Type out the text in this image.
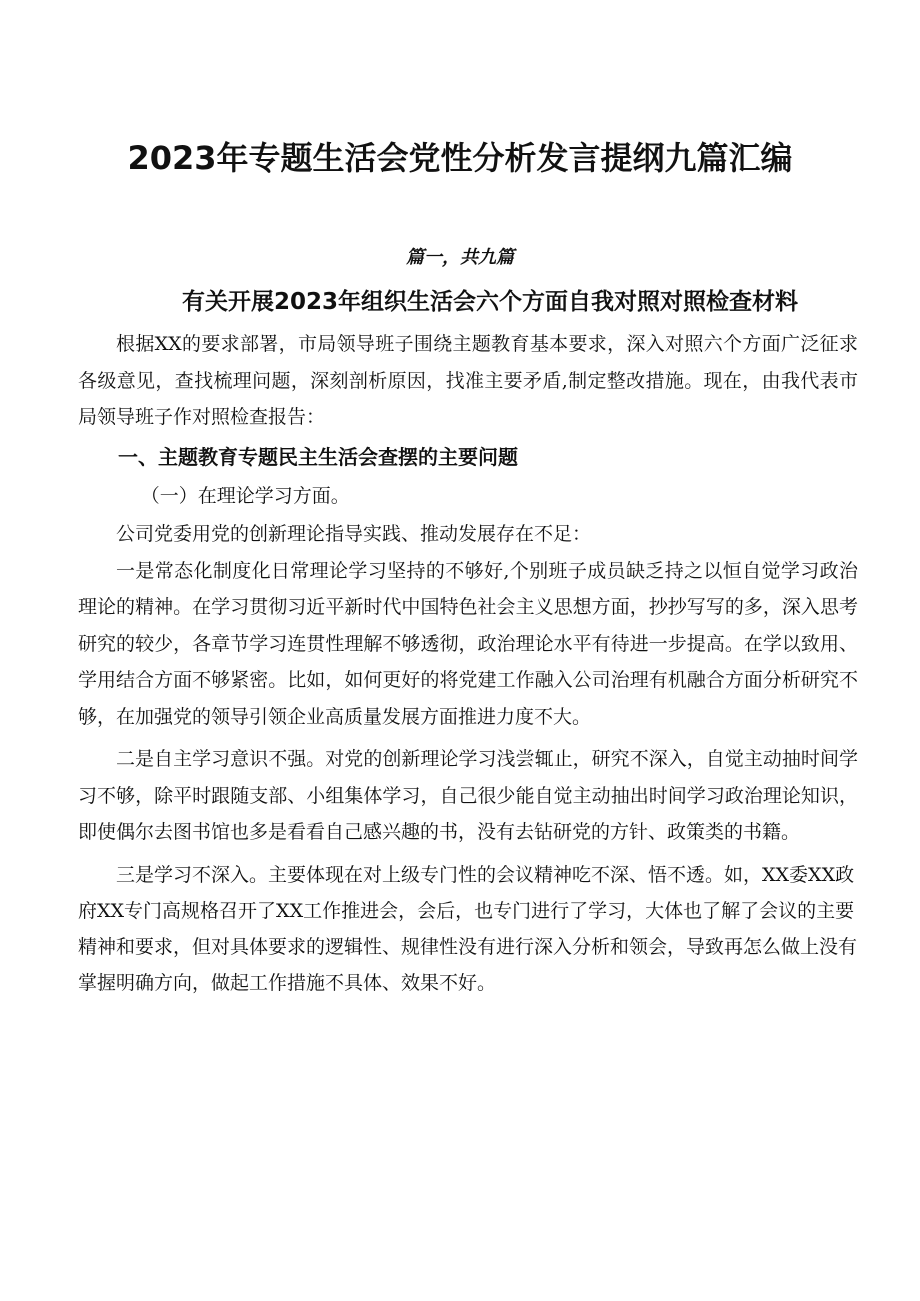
2023年专题生活会党性分析发言提纲九篇汇编
篇一，共九篇
有关开展2023年组织生活会六个方面自我对照对照检查材料

根据XX的要求部署，市局领导班子围绕主题教育基本要求，深入对照六个方面广泛征求各级意见，查找梳理问题，深刻剖析原因，找准主要矛盾,制定整改措施。现在，由我代表市局领导班子作对照检查报告：

一、主题教育专题民主生活会查摆的主要问题

（一）在理论学习方面。

公司党委用党的创新理论指导实践、推动发展存在不足：

一是常态化制度化日常理论学习坚持的不够好,个别班子成员缺乏持之以恒自觉学习政治理论的精神。在学习贯彻习近平新时代中国特色社会主义思想方面，抄抄写写的多，深入思考研究的较少，各章节学习连贯性理解不够透彻，政治理论水平有待进一步提高。在学以致用、学用结合方面不够紧密。比如，如何更好的将党建工作融入公司治理有机融合方面分析研究不够，在加强党的领导引领企业高质量发展方面推进力度不大。

二是自主学习意识不强。对党的创新理论学习浅尝辄止，研究不深入，自觉主动抽时间学习不够，除平时跟随支部、小组集体学习，自己很少能自觉主动抽出时间学习政治理论知识，即使偶尔去图书馆也多是看看自己感兴趣的书，没有去钻研党的方针、政策类的书籍。

三是学习不深入。主要体现在对上级专门性的会议精神吃不深、悟不透。如，XX委XX政府XX专门高规格召开了XX工作推进会，会后，也专门进行了学习，大体也了解了会议的主要精神和要求，但对具体要求的逻辑性、规律性没有进行深入分析和领会，导致再怎么做上没有掌握明确方向，做起工作措施不具体、效果不好。
